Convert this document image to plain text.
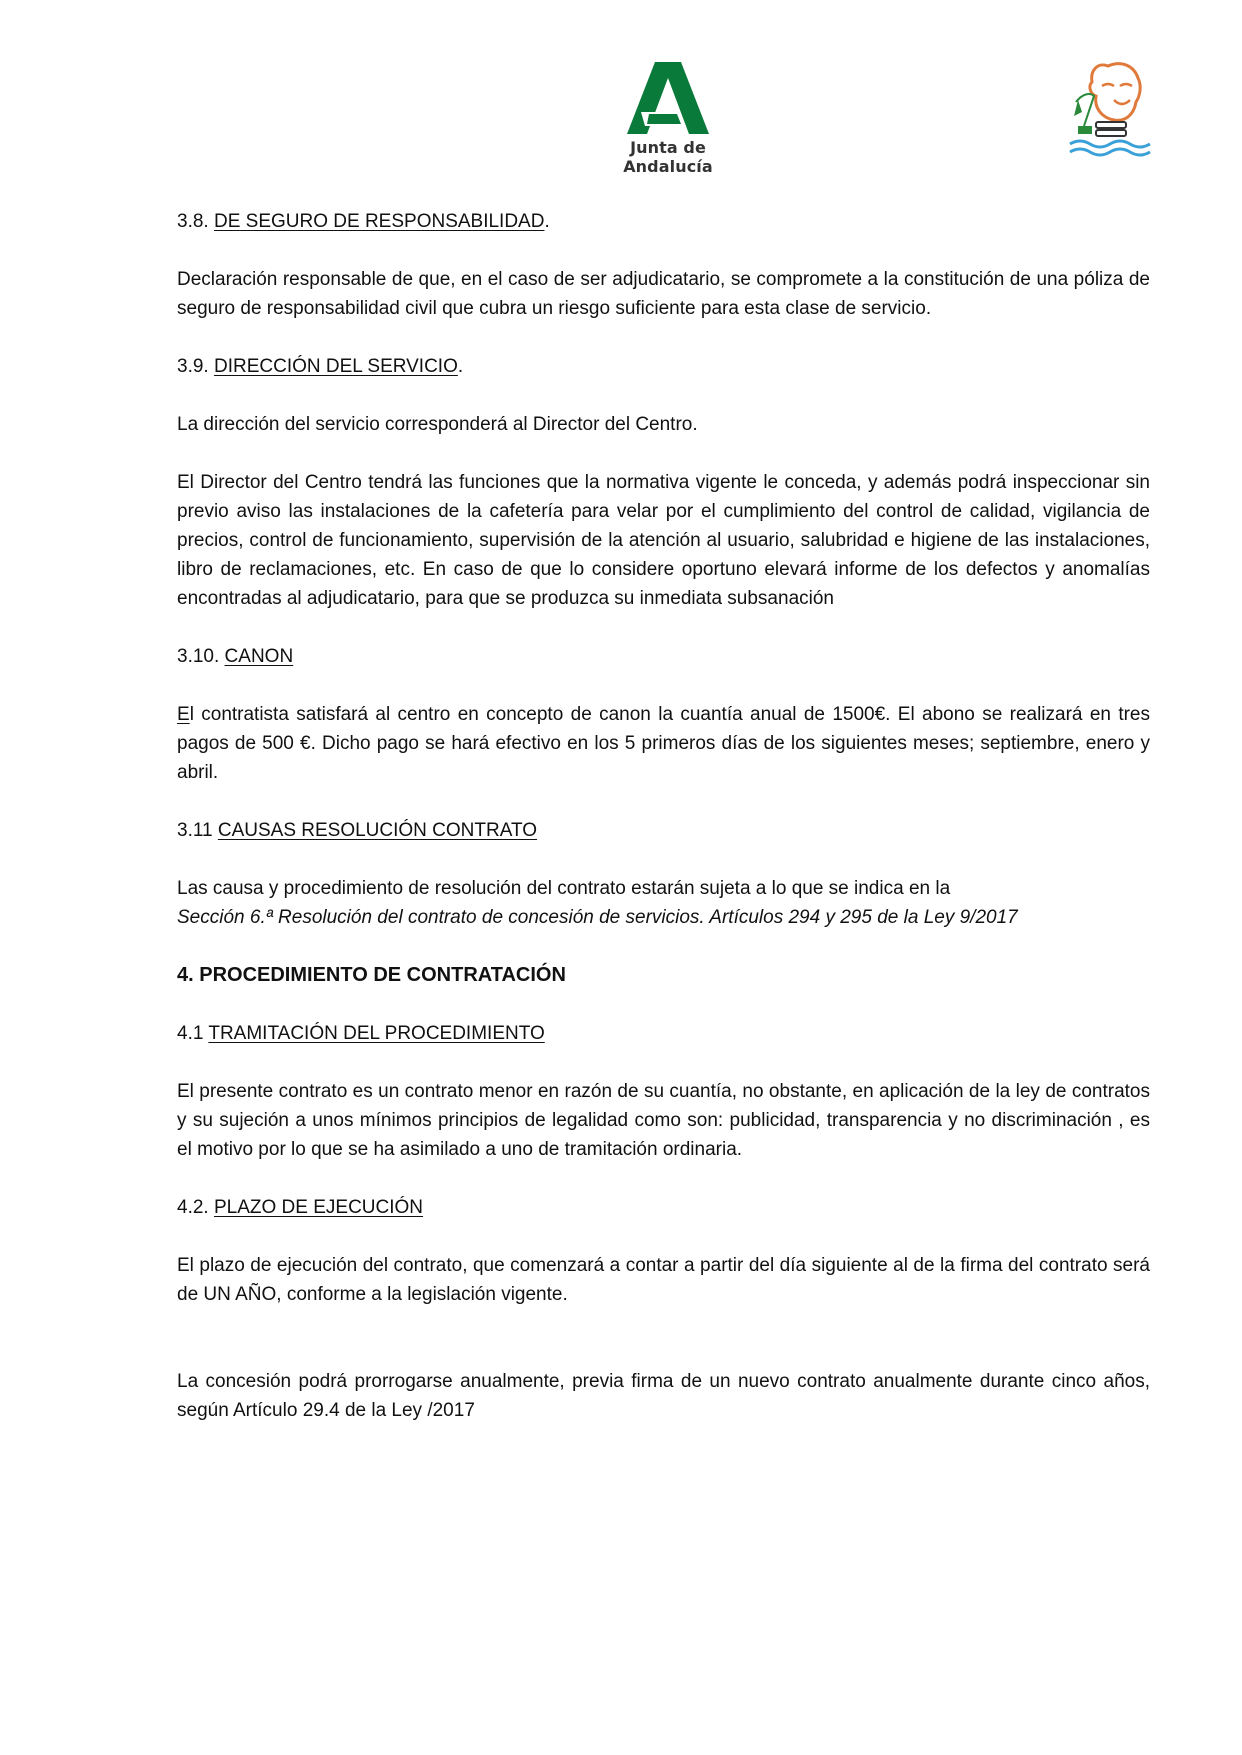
Junta de Andalucía

3.8. DE SEGURO DE RESPONSABILIDAD.

Declaración responsable de que, en el caso de ser adjudicatario, se compromete a la constitución de una póliza de seguro de responsabilidad civil que cubra un riesgo suficiente para esta clase de servicio.

3.9. DIRECCIÓN DEL SERVICIO.

La dirección del servicio corresponderá al Director del Centro.

El Director del Centro tendrá las funciones que la normativa vigente le conceda, y además podrá inspeccionar sin previo aviso las instalaciones de la cafetería para velar por el cumplimiento del control de calidad, vigilancia de precios, control de funcionamiento, supervisión de la atención al usuario, salubridad e higiene de las instalaciones, libro de reclamaciones, etc. En caso de que lo considere oportuno elevará informe de los defectos y anomalías encontradas al adjudicatario, para que se produzca su inmediata subsanación

3.10. CANON

El contratista satisfará al centro en concepto de canon la cuantía anual de 1500€. El abono se realizará en tres pagos de 500 €. Dicho pago se hará efectivo en los 5 primeros días de los siguientes meses; septiembre, enero y abril.

3.11 CAUSAS RESOLUCIÓN CONTRATO

Las causa y procedimiento de resolución del contrato estarán sujeta a lo que se indica en la

Sección 6.ª Resolución del contrato de concesión de servicios. Artículos 294 y 295 de la Ley 9/2017

4. PROCEDIMIENTO DE CONTRATACIÓN

4.1 TRAMITACIÓN DEL PROCEDIMIENTO

El presente contrato es un contrato menor en razón de su cuantía, no obstante, en aplicación de la ley de contratos y su sujeción a unos mínimos principios de legalidad como son: publicidad, transparencia y no discriminación , es el motivo por lo que se ha asimilado a uno de tramitación ordinaria.

4.2. PLAZO DE EJECUCIÓN

El plazo de ejecución del contrato, que comenzará a contar a partir del día siguiente al de la firma del contrato será de UN AÑO, conforme a la legislación vigente.

La concesión podrá prorrogarse anualmente, previa firma de un nuevo contrato anualmente durante cinco años, según Artículo 29.4 de la Ley /2017
